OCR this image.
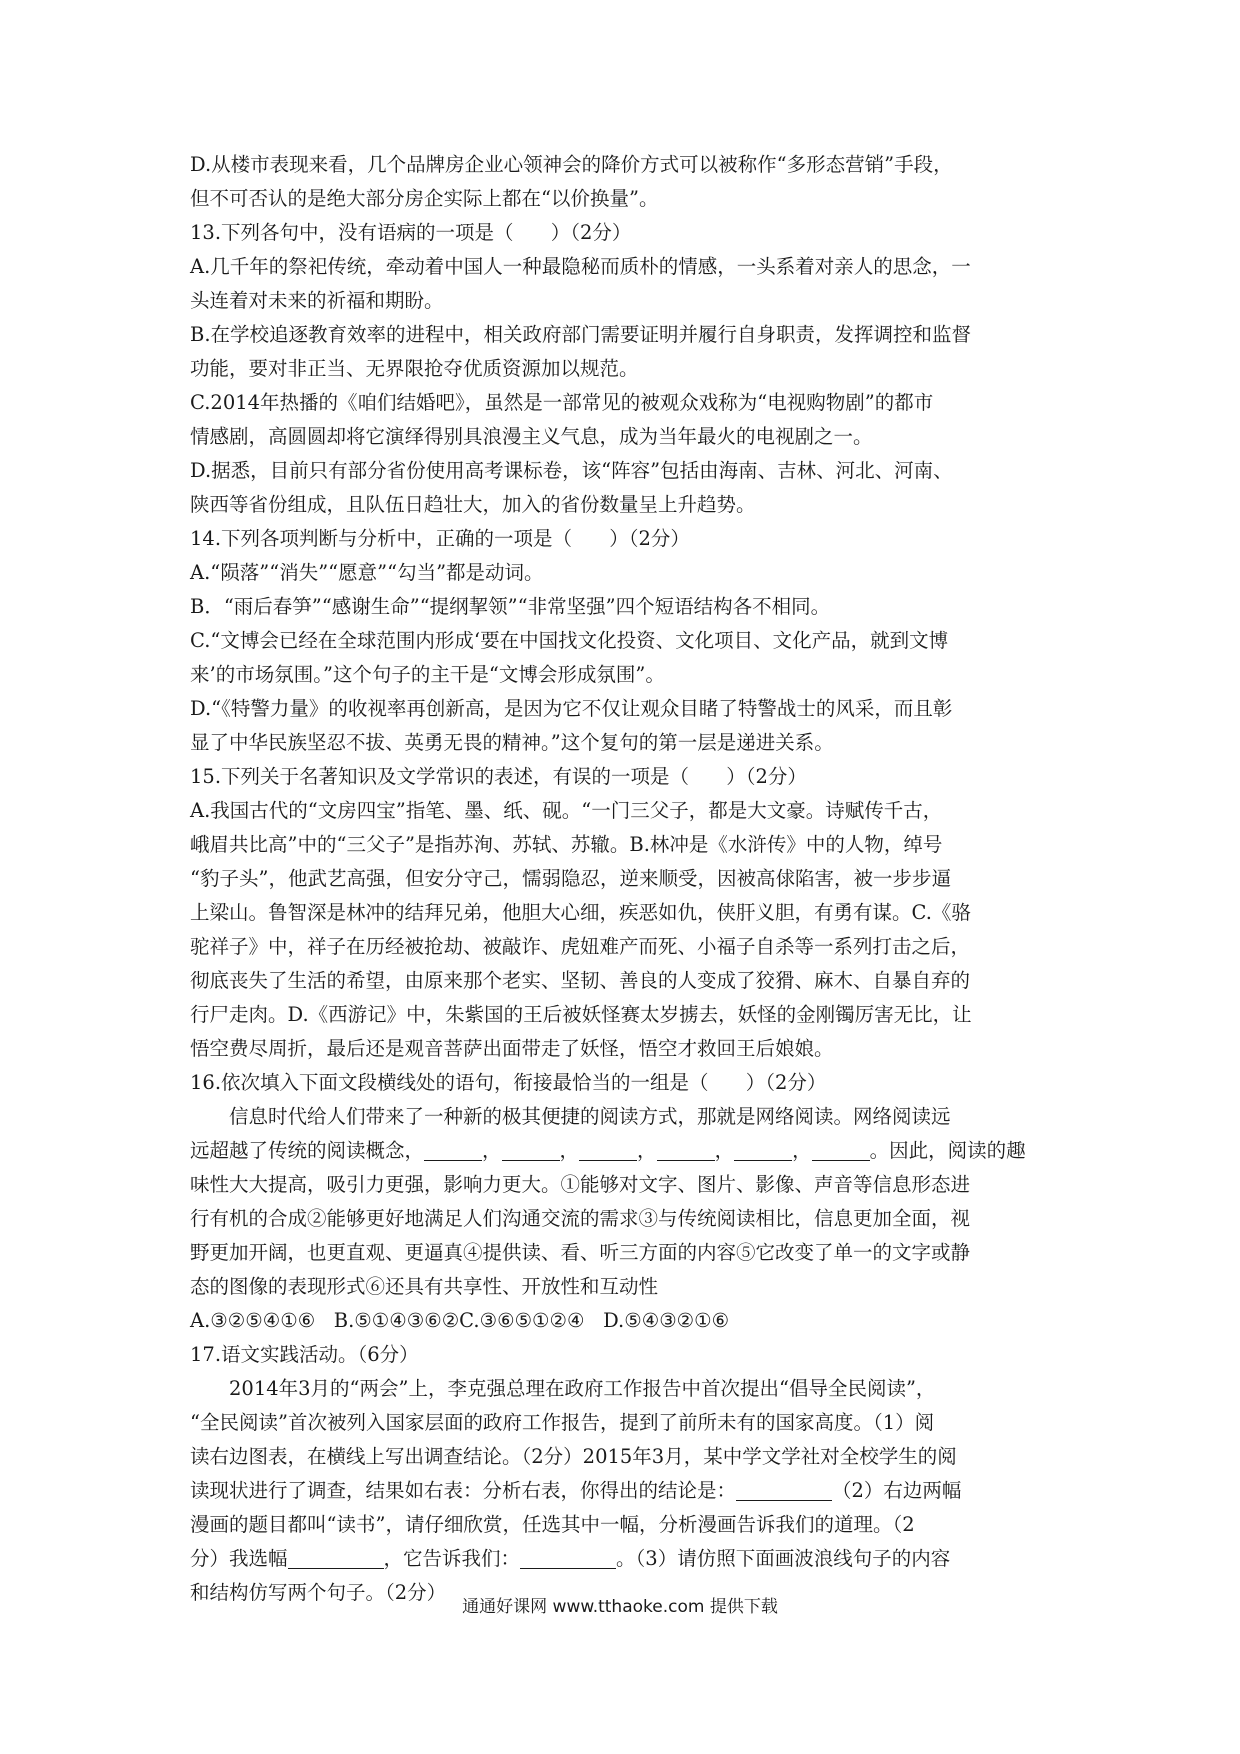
D.从楼市表现来看，几个品牌房企业心领神会的降价方式可以被称作“多形态营销”手段，
但不可否认的是绝大部分房企实际上都在“以价换量”。
13.下列各句中，没有语病的一项是（      ）（2分）
A.几千年的祭祀传统，牵动着中国人一种最隐秘而质朴的情感，一头系着对亲人的思念，一
头连着对未来的祈福和期盼。
B.在学校追逐教育效率的进程中，相关政府部门需要证明并履行自身职责，发挥调控和监督
功能，要对非正当、无界限抢夺优质资源加以规范。
C.2014年热播的《咱们结婚吧》，虽然是一部常见的被观众戏称为“电视购物剧”的都市
情感剧，高圆圆却将它演绎得别具浪漫主义气息，成为当年最火的电视剧之一。
D.据悉，目前只有部分省份使用高考课标卷，该“阵容”包括由海南、吉林、河北、河南、
陕西等省份组成，且队伍日趋壮大，加入的省份数量呈上升趋势。
14.下列各项判断与分析中，正确的一项是（      ）（2分）
A.“陨落”“消失”“愿意”“勾当”都是动词。
B．“雨后春笋”“感谢生命”“提纲挈领”“非常坚强”四个短语结构各不相同。
C.“文博会已经在全球范围内形成‘要在中国找文化投资、文化项目、文化产品，就到文博
来’的市场氛围。”这个句子的主干是“文博会形成氛围”。
D.“《特警力量》的收视率再创新高，是因为它不仅让观众目睹了特警战士的风采，而且彰
显了中华民族坚忍不拔、英勇无畏的精神。”这个复句的第一层是递进关系。
15.下列关于名著知识及文学常识的表述，有误的一项是（      ）（2分）
A.我国古代的“文房四宝”指笔、墨、纸、砚。“一门三父子，都是大文豪。诗赋传千古，
峨眉共比高”中的“三父子”是指苏洵、苏轼、苏辙。B.林冲是《水浒传》中的人物，绰号
“豹子头”，他武艺高强，但安分守己，懦弱隐忍，逆来顺受，因被高俅陷害，被一步步逼
上梁山。鲁智深是林冲的结拜兄弟，他胆大心细，疾恶如仇，侠肝义胆，有勇有谋。C.《骆
驼祥子》中，祥子在历经被抢劫、被敲诈、虎妞难产而死、小福子自杀等一系列打击之后，
彻底丧失了生活的希望，由原来那个老实、坚韧、善良的人变成了狡猾、麻木、自暴自弃的
行尸走肉。D.《西游记》中，朱紫国的王后被妖怪赛太岁掳去，妖怪的金刚镯厉害无比，让
悟空费尽周折，最后还是观音菩萨出面带走了妖怪，悟空才救回王后娘娘。
16.依次填入下面文段横线处的语句，衔接最恰当的一组是（      ）（2分）
信息时代给人们带来了一种新的极其便捷的阅读方式，那就是网络阅读。网络阅读远
远超越了传统的阅读概念，	，	，	，	，	，	。因此，阅读的趣
味性大大提高，吸引力更强，影响力更大。①能够对文字、图片、影像、声音等信息形态进
行有机的合成②能够更好地满足人们沟通交流的需求③与传统阅读相比，信息更加全面，视
野更加开阔，也更直观、更逼真④提供读、看、听三方面的内容⑤它改变了单一的文字或静
态的图像的表现形式⑥还具有共享性、开放性和互动性
A.③②⑤④①⑥   B.⑤①④③⑥②C.③⑥⑤①②④   D.⑤④③②①⑥
17.语文实践活动。（6分）
2014年3月的“两会”上，李克强总理在政府工作报告中首次提出“倡导全民阅读”，
“全民阅读”首次被列入国家层面的政府工作报告，提到了前所未有的国家高度。（1）阅
读右边图表，在横线上写出调查结论。（2分）2015年3月，某中学文学社对全校学生的阅
读现状进行了调查，结果如右表：分析右表，你得出的结论是：	（2）右边两幅
漫画的题目都叫“读书”，请仔细欣赏，任选其中一幅，分析漫画告诉我们的道理。（2
分）我选幅	，它告诉我们：	。（3）请仿照下面画波浪线句子的内容
和结构仿写两个句子。（2分）
通通好课网 www.tthaoke.com 提供下载
